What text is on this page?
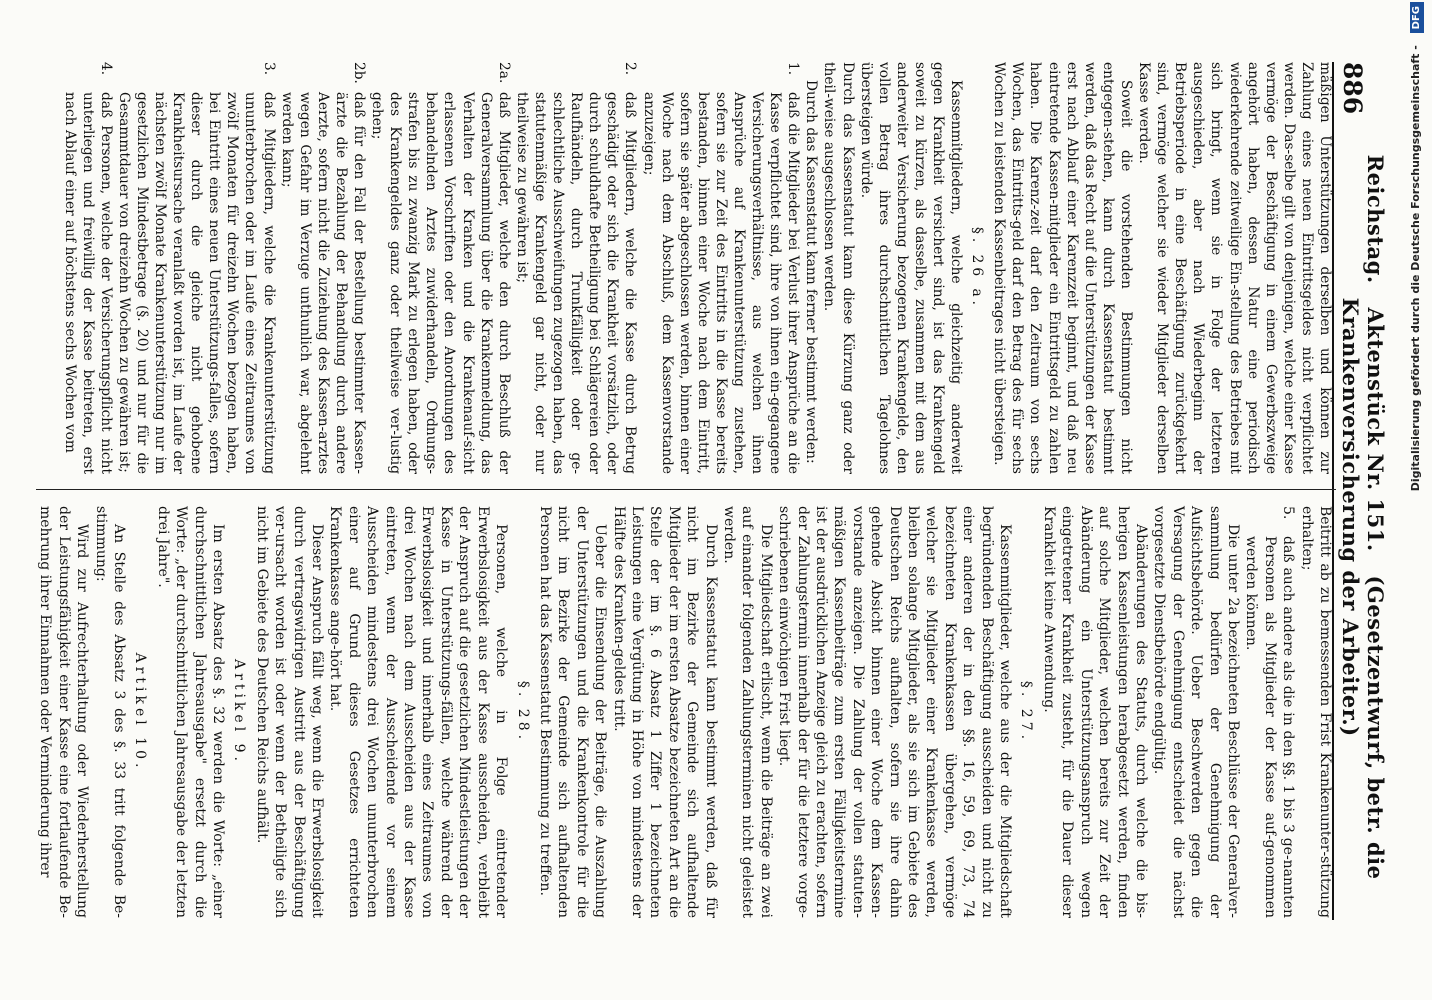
886
Reichstag. Aktenstück Nr. 151. (Gesetzentwurf, betr. die Krankenversicherung der Arbeiter.)

mäßigen Unterstützungen derselben und können zur Zahlung eines neuen Eintrittsgeldes nicht verpflichtet werden. Das-selbe gilt von denjenigen, welche einer Kasse vermöge der Beschäftigung in einem Gewerbszweige angehört haben, dessen Natur eine periodisch wiederkehrende zeitweilige Ein-stellung des Betriebes mit sich bringt, wenn sie in Folge der letzteren ausgeschieden, aber nach Wiederbeginn der Betriebsperiode in eine Beschäftigung zurückgekehrt sind, vermöge welcher sie wieder Mitglieder derselben Kasse werden.

Soweit die vorstehenden Bestimmungen nicht entgegen-stehen, kann durch Kassenstatut bestimmt werden, daß das Recht auf die Unterstützungen der Kasse erst nach Ablauf einer Karenzzeit beginnt, und daß neu eintretende Kassen-mitglieder ein Eintrittsgeld zu zahlen haben. Die Karenz-zeit darf den Zeitraum von sechs Wochen, das Eintritts-geld darf den Betrag des für sechs Wochen zu leistenden Kassenbeitrages nicht übersteigen.

§. 26 a.

Kassenmitgliedern, welche gleichzeitig anderweit gegen Krankheit versichert sind, ist das Krankengeld soweit zu kürzen, als dasselbe, zusammen mit dem aus anderweiter Versicherung bezogenen Krankengelde, den vollen Betrag ihres durchschnittlichen Tagelohnes übersteigen würde.

Durch das Kassenstatut kann diese Kürzung ganz oder theil-weise ausgeschlossen werden.

Durch das Kassenstatut kann ferner bestimmt werden:

1.
daß die Mitglieder bei Verlust ihrer Ansprüche an die Kasse verpflichtet sind, ihre von ihnen ein-gegangene Versicherungsverhältnisse, aus welchen ihnen Ansprüche auf Krankenunterstützung zustehen, sofern sie zur Zeit des Eintritts in die Kasse bereits bestanden, binnen einer Woche nach dem Eintritt, sofern sie später abgeschlossen werden, binnen einer Woche nach dem Abschluß, dem Kassenvorstande anzuzeigen;

2.
daß Mitgliedern, welche die Kasse durch Betrug geschädigt oder sich die Krankheit vorsätzlich, oder durch schuldhafte Betheiligung bei Schlägereien oder Raufhändeln, durch Trunkfälligkeit oder ge-schlechtliche Ausschweifungen zugezogen haben, das statutenmäßige Krankengeld gar nicht, oder nur theilweise zu gewähren ist;

2a.
daß Mitglieder, welche den durch Beschluß der Generalversammlung über die Krankenmeldung, das Verhalten der Kranken und die Krankenauf-sicht erlassenen Vorschriften oder den Anordnungen des behandelnden Arztes zuwiderhandeln, Ordnungs-strafen bis zu zwanzig Mark zu erlegen haben, oder des Krankengeldes ganz oder theilweise ver-lustig gehen;

2b.
daß für den Fall der Bestellung bestimmter Kassen-ärzte die Bezahlung der Behandlung durch andere Aerzte, sofern nicht die Zuziehung des Kassen-arztes wegen Gefahr im Verzuge unthunlich war, abgelehnt werden kann;

3.
daß Mitgliedern, welche die Krankenunterstützung ununterbrochen oder im Laufe eines Zeitraumes von zwölf Monaten für dreizehn Wochen bezogen haben, bei Eintritt eines neuen Unterstützungs-falles, sofern dieser durch die gleiche nicht gehobene Krankheitsursache veranlaßt worden ist, im Laufe der nächsten zwölf Monate Krankenunterstützung nur im gesetzlichen Mindestbetrage (§. 20) und nur für die Gesammtdauer von dreizehn Wochen zu gewähren ist;

4.
daß Personen, welche der Versicherungspflicht nicht unterliegen und freiwillig der Kasse beitreten, erst nach Ablauf einer auf höchstens sechs Wochen vom

Beitritt ab zu bemessenden Frist Krankenunter-stützung erhalten;

5.
daß auch andere als die in den §§. 1 bis 3 ge-nannten Personen als Mitglieder der Kasse auf-genommen werden können.

Die unter 2a bezeichneten Beschlüsse der Generalver-sammlung bedürfen der Genehmigung der Aufsichtsbehörde. Ueber Beschwerden gegen die Versagung der Genehmigung entscheidet die nächst vorgesetzte Dienstbehörde endgültig.

Abänderungen des Statuts, durch welche die bis-herigen Kassenleistungen herabgesetzt werden, finden auf solche Mitglieder, welchen bereits zur Zeit der Abänderung ein Unterstützungsanspruch wegen eingetretener Krankheit zusteht, für die Dauer dieser Krankheit keine Anwendung.

§. 27.

Kassenmitglieder, welche aus der die Mitgliedschaft begründenden Beschäftigung ausscheiden und nicht zu einer anderen der in den §§. 16, 59, 69, 73, 74 bezeichneten Krankenkassen übergehen, vermöge welcher sie Mitglieder einer Krankenkasse werden, bleiben solange Mitglieder, als sie sich im Gebiete des Deutschen Reichs aufhalten, sofern sie ihre dahin gehende Absicht binnen einer Woche dem Kassen-vorstande anzeigen. Die Zahlung der vollen statuten-mäßigen Kassenbeiträge zum ersten Fälligkeitstermine ist der ausdrücklichen Anzeige gleich zu erachten, sofern der Zahlungstermin innerhalb der für die letztere vorge-schriebenen einwöchigen Frist liegt.

Die Mitgliedschaft erlischt, wenn die Beiträge an zwei auf einander folgenden Zahlungsterminen nicht geleistet werden.

Durch Kassenstatut kann bestimmt werden, daß für nicht im Bezirke der Gemeinde sich aufhaltende Mitglieder der im ersten Absatze bezeichneten Art an die Stelle der im §. 6 Absatz 1 Ziffer 1 bezeichneten Leistungen eine Vergütung in Höhe von mindestens der Hälfte des Kranken-geldes tritt.

Ueber die Einsendung der Beiträge, die Auszahlung der Unterstützungen und die Krankenkontrole für die nicht im Bezirke der Gemeinde sich aufhaltenden Personen hat das Kassenstatut Bestimmung zu treffen.

§. 28.

Personen, welche in Folge eintretender Erwerbslosigkeit aus der Kasse ausscheiden, verbleibt der Anspruch auf die gesetzlichen Mindestleistungen der Kasse in Unterstützungs-fällen, welche während der Erwerbslosigkeit und innerhalb eines Zeitraumes von drei Wochen nach dem Ausscheiden aus der Kasse eintreten, wenn der Ausscheidende vor seinem Ausscheiden mindestens drei Wochen ununterbrochen einer auf Grund dieses Gesetzes errichteten Krankenkasse ange-hört hat.

Dieser Anspruch fällt weg, wenn die Erwerbslosigkeit durch vertragswidrigen Austritt aus der Beschäftigung ver-ursacht worden ist oder wenn der Betheiligte sich nicht im Gebiete des Deutschen Reichs aufhält.

Artikel 9.

Im ersten Absatz des §. 32 werden die Worte: „einer durchschnittlichen Jahresausgabe" ersetzt durch die Worte: „der durchschnittlichen Jahresausgabe der letzten drei Jahre".

Artikel 10.

An Stelle des Absatz 3 des §. 33 tritt folgende Be-stimmung:

Wird zur Aufrechterhaltung oder Wiederherstellung der Leistungsfähigkeit einer Kasse eine fortlaufende Be-mehrung ihrer Einnahmen oder Verminderung ihrer

Digitalisierung gefördert durch die Deutsche Forschungsgemeinschaft - DFG
